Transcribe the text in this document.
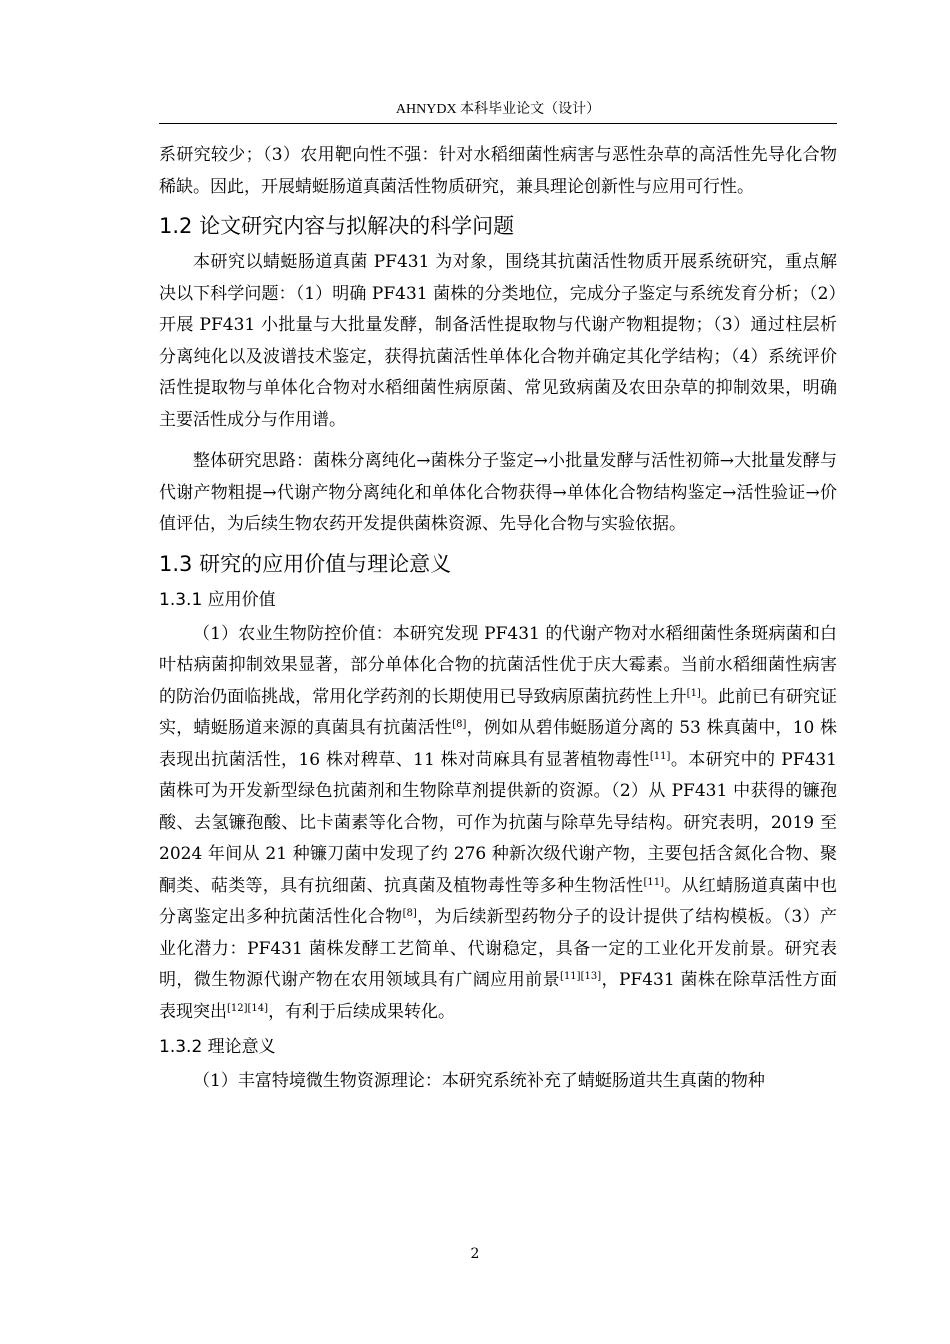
AHNYDX 本科毕业论文（设计）

系研究较少；（3）农用靶向性不强：针对水稻细菌性病害与恶性杂草的高活性先导化合物稀缺。因此，开展蜻蜓肠道真菌活性物质研究，兼具理论创新性与应用可行性。

1.2 论文研究内容与拟解决的科学问题

本研究以蜻蜓肠道真菌 PF431 为对象，围绕其抗菌活性物质开展系统研究，重点解决以下科学问题：（1）明确 PF431 菌株的分类地位，完成分子鉴定与系统发育分析；（2）开展 PF431 小批量与大批量发酵，制备活性提取物与代谢产物粗提物；（3）通过柱层析分离纯化以及波谱技术鉴定，获得抗菌活性单体化合物并确定其化学结构；（4）系统评价活性提取物与单体化合物对水稻细菌性病原菌、常见致病菌及农田杂草的抑制效果，明确主要活性成分与作用谱。

整体研究思路：菌株分离纯化→菌株分子鉴定→小批量发酵与活性初筛→大批量发酵与代谢产物粗提→代谢产物分离纯化和单体化合物获得→单体化合物结构鉴定→活性验证→价值评估，为后续生物农药开发提供菌株资源、先导化合物与实验依据。

1.3 研究的应用价值与理论意义
1.3.1 应用价值

（1）农业生物防控价值：本研究发现 PF431 的代谢产物对水稻细菌性条斑病菌和白叶枯病菌抑制效果显著，部分单体化合物的抗菌活性优于庆大霉素。当前水稻细菌性病害的防治仍面临挑战，常用化学药剂的长期使用已导致病原菌抗药性上升[1]。此前已有研究证实，蜻蜓肠道来源的真菌具有抗菌活性[8]，例如从碧伟蜓肠道分离的 53 株真菌中，10 株表现出抗菌活性，16 株对稗草、11 株对苘麻具有显著植物毒性[11]。本研究中的 PF431 菌株可为开发新型绿色抗菌剂和生物除草剂提供新的资源。（2）从 PF431 中获得的镰孢酸、去氢镰孢酸、比卡菌素等化合物，可作为抗菌与除草先导结构。研究表明，2019 至 2024 年间从 21 种镰刀菌中发现了约 276 种新次级代谢产物，主要包括含氮化合物、聚酮类、萜类等，具有抗细菌、抗真菌及植物毒性等多种生物活性[11]。从红蜻肠道真菌中也分离鉴定出多种抗菌活性化合物[8]，为后续新型药物分子的设计提供了结构模板。（3）产业化潜力：PF431 菌株发酵工艺简单、代谢稳定，具备一定的工业化开发前景。研究表明，微生物源代谢产物在农用领域具有广阔应用前景[11][13]，PF431 菌株在除草活性方面表现突出[12][14]，有利于后续成果转化。

1.3.2 理论意义

（1）丰富特境微生物资源理论：本研究系统补充了蜻蜓肠道共生真菌的物种

2
